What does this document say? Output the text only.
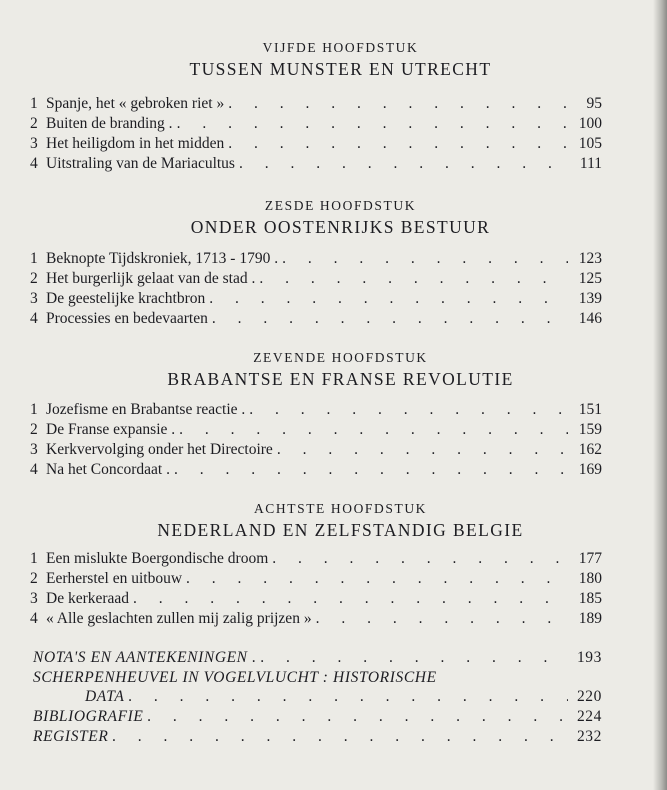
VIJFDE HOOFDSTUK
TUSSEN MUNSTER EN UTRECHT
1 Spanje, het « gebroken riet » . . .	95
2 Buiten de branding . . . .	100
3 Het heiligdom in het midden . . .	105
4 Uitstraling van de Mariacultus . . .	111
ZESDE HOOFDSTUK
ONDER OOSTENRIJKS BESTUUR
1 Beknopte Tijdskroniek, 1713 - 1790 . . . .	123
2 Het burgerlijk gelaat van de stad . . . .	125
3 De geestelijke krachtbron . . .	139
4 Processies en bedevaarten . . .	146
ZEVENDE HOOFDSTUK
BRABANTSE EN FRANSE REVOLUTIE
1 Jozefisme en Brabantse reactie . . . .	151
2 De Franse expansie . . . .	159
3 Kerkvervolging onder het Directoire . . .	162
4 Na het Concordaat . . . .	169
ACHTSTE HOOFDSTUK
NEDERLAND EN ZELFSTANDIG BELGIE
1 Een mislukte Boergondische droom . . .	177
2 Eerherstel en uitbouw . . .	180
3 De kerkeraad . . .	185
4 « Alle geslachten zullen mij zalig prijzen » . . .	189
NOTA'S EN AANTEKENINGEN . . . .	193
SCHERPENHEUVEL IN VOGELVLUCHT : HISTORISCHE
DATA . . .	220
BIBLIOGRAFIE . . .	224
REGISTER . . .	232
